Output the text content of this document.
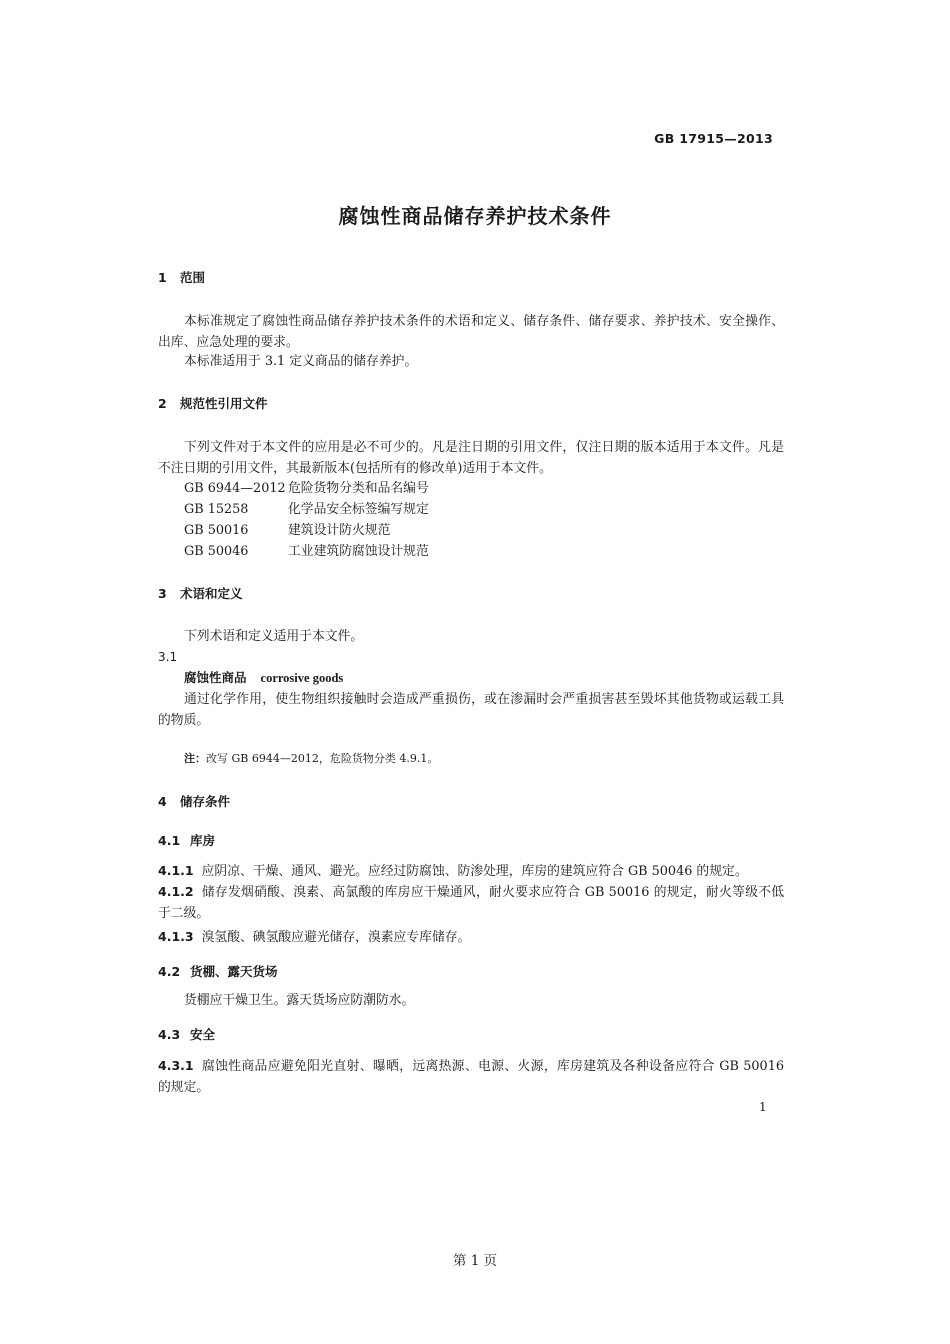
GB 17915—2013
腐蚀性商品储存养护技术条件
1 范围
本标准规定了腐蚀性商品储存养护技术条件的术语和定义、储存条件、储存要求、养护技术、安全操作、出库、应急处理的要求。
本标准适用于 3.1 定义商品的储存养护。
2 规范性引用文件
下列文件对于本文件的应用是必不可少的。凡是注日期的引用文件，仅注日期的版本适用于本文件。凡是不注日期的引用文件，其最新版本(包括所有的修改单)适用于本文件。
GB 6944—2012 危险货物分类和品名编号
GB 15258	化学品安全标签编写规定
GB 50016	建筑设计防火规范
GB 50046	工业建筑防腐蚀设计规范
3 术语和定义
下列术语和定义适用于本文件。
3.1
腐蚀性商品 corrosive goods
通过化学作用，使生物组织接触时会造成严重损伤，或在渗漏时会严重损害甚至毁坏其他货物或运载工具的物质。
注：改写 GB 6944—2012，危险货物分类 4.9.1。
4 储存条件
4.1 库房
4.1.1 应阴凉、干燥、通风、避光。应经过防腐蚀、防渗处理，库房的建筑应符合 GB 50046 的规定。
4.1.2 储存发烟硝酸、溴素、高氯酸的库房应干燥通风，耐火要求应符合 GB 50016 的规定，耐火等级不低于二级。
4.1.3 溴氢酸、碘氢酸应避光储存，溴素应专库储存。
4.2 货棚、露天货场
货棚应干燥卫生。露天货场应防潮防水。
4.3 安全
4.3.1 腐蚀性商品应避免阳光直射、曝晒，远离热源、电源、火源，库房建筑及各种设备应符合 GB 50016 的规定。
1
第 1 页
